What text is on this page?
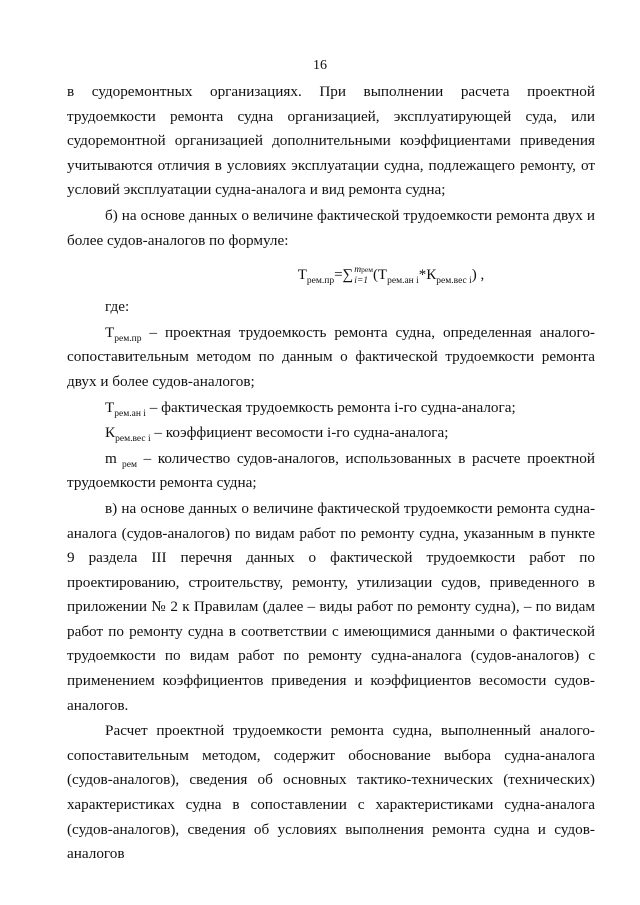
16

в судоремонтных организациях. При выполнении расчета проектной трудоемкости ремонта судна организацией, эксплуатирующей суда, или судоремонтной организацией дополнительными коэффициентами приведения учитываются отличия в условиях эксплуатации судна, подлежащего ремонту, от условий эксплуатации судна-аналога и вид ремонта судна;

б) на основе данных о величине фактической трудоемкости ремонта двух и более судов-аналогов по формуле:

$Т_{рем.пр}=\sum$ mрем
i=1 $(Т_{рем.ан i}*К_{рем.вес i})$ ,

где:

$Т_{рем.пр}$ – проектная трудоемкость ремонта судна, определенная аналого-сопоставительным методом по данным о фактической трудоемкости ремонта двух и более судов-аналогов;

$Т_{рем.ан i}$ – фактическая трудоемкость ремонта i-го судна-аналога;

$К_{рем.вес i}$ – коэффициент весомости i-го судна-аналога;

m $_{рем}$ – количество судов-аналогов, использованных в расчете проектной трудоемкости ремонта судна;

в) на основе данных о величине фактической трудоемкости ремонта судна-аналога (судов-аналогов) по видам работ по ремонту судна, указанным в пункте 9 раздела III перечня данных о фактической трудоемкости работ по проектированию, строительству, ремонту, утилизации судов, приведенного в приложении № 2 к Правилам (далее – виды работ по ремонту судна), – по видам работ по ремонту судна в соответствии с имеющимися данными о фактической трудоемкости по видам работ по ремонту судна-аналога (судов-аналогов) с применением коэффициентов приведения и коэффициентов весомости судов-аналогов.

Расчет проектной трудоемкости ремонта судна, выполненный аналого-сопоставительным методом, содержит обоснование выбора судна-аналога (судов-аналогов), сведения об основных тактико-технических (технических) характеристиках судна в сопоставлении с характеристиками судна-аналога (судов-аналогов), сведения об условиях выполнения ремонта судна и судов-аналогов
